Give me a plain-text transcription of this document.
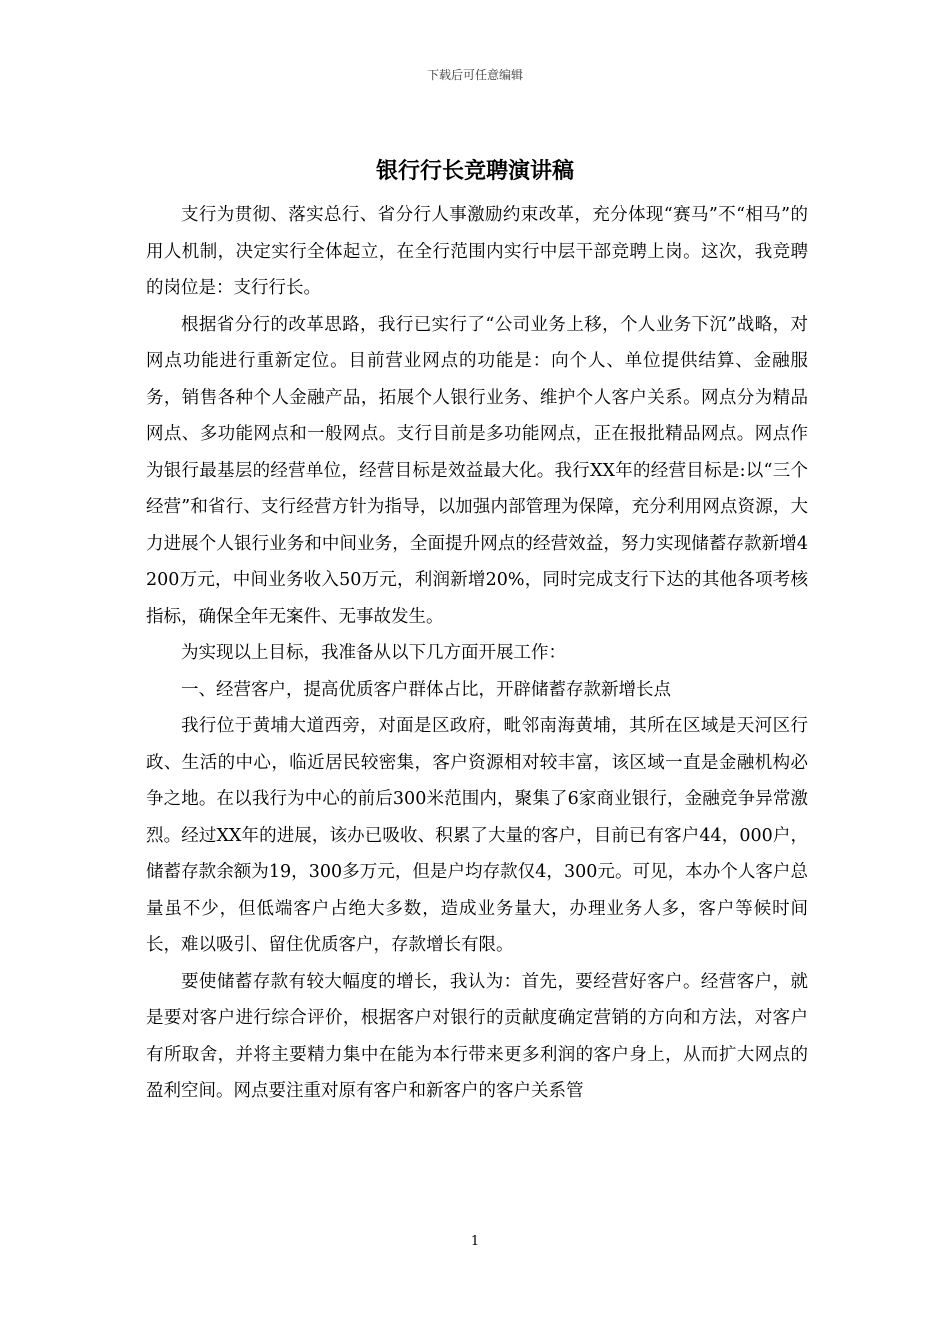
下载后可任意编辑
银行行长竞聘演讲稿

支行为贯彻、落实总行、省分行人事激励约束改革，充分体现“赛马”不“相马”的用人机制，决定实行全体起立，在全行范围内实行中层干部竞聘上岗。这次，我竞聘的岗位是：支行行长。

根据省分行的改革思路，我行已实行了“公司业务上移，个人业务下沉”战略，对网点功能进行重新定位。目前营业网点的功能是：向个人、单位提供结算、金融服务，销售各种个人金融产品，拓展个人银行业务、维护个人客户关系。网点分为精品网点、多功能网点和一般网点。支行目前是多功能网点，正在报批精品网点。网点作为银行最基层的经营单位，经营目标是效益最大化。我行XX年的经营目标是:以“三个经营”和省行、支行经营方针为指导，以加强内部管理为保障，充分利用网点资源，大力进展个人银行业务和中间业务，全面提升网点的经营效益，努力实现储蓄存款新增4200万元，中间业务收入50万元，利润新增20%，同时完成支行下达的其他各项考核指标，确保全年无案件、无事故发生。

为实现以上目标，我准备从以下几方面开展工作：

一、经营客户，提高优质客户群体占比，开辟储蓄存款新增长点

我行位于黄埔大道西旁，对面是区政府，毗邻南海黄埔，其所在区域是天河区行政、生活的中心，临近居民较密集，客户资源相对较丰富，该区域一直是金融机构必争之地。在以我行为中心的前后300米范围内，聚集了6家商业银行，金融竞争异常激烈。经过XX年的进展，该办已吸收、积累了大量的客户，目前已有客户44，000户，储蓄存款余额为19，300多万元，但是户均存款仅4，300元。可见，本办个人客户总量虽不少，但低端客户占绝大多数，造成业务量大，办理业务人多，客户等候时间长，难以吸引、留住优质客户，存款增长有限。

要使储蓄存款有较大幅度的增长，我认为：首先，要经营好客户。经营客户，就是要对客户进行综合评价，根据客户对银行的贡献度确定营销的方向和方法，对客户有所取舍，并将主要精力集中在能为本行带来更多利润的客户身上，从而扩大网点的盈利空间。网点要注重对原有客户和新客户的客户关系管

1
